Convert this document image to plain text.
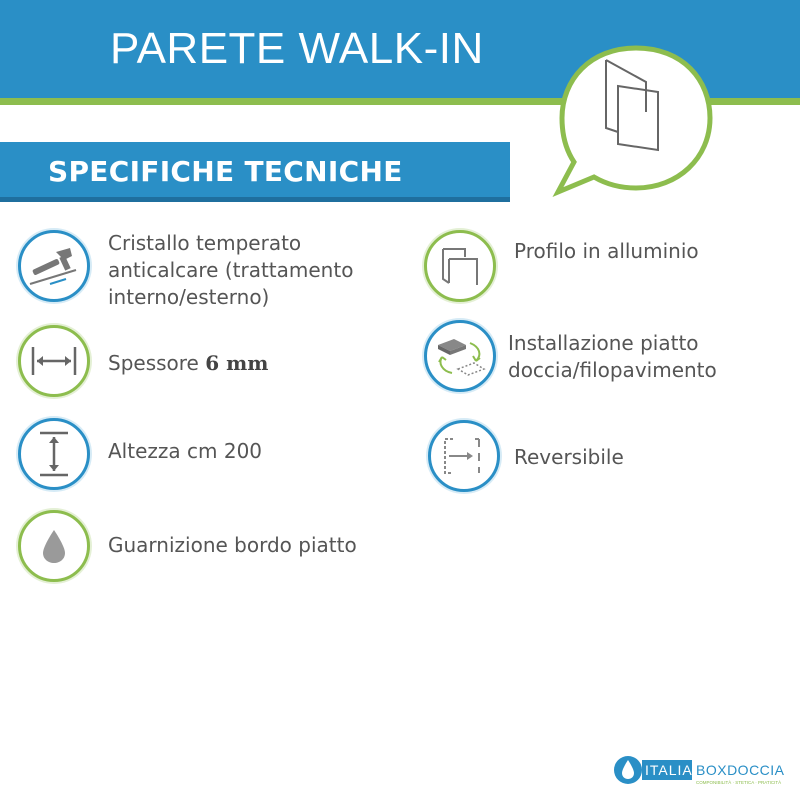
PARETE WALK-IN
SPECIFICHE TECNICHE
Cristallo temperato
anticalcare (trattamento
interno/esterno)
Spessore 6 mm
Altezza cm 200
Guarnizione bordo piatto
Profilo in alluminio
Installazione piatto
doccia/filopavimento
Reversibile
ITALIA BOXDOCCIA
COMPONIBILITÀ · STETICA · PRATICITÀ
